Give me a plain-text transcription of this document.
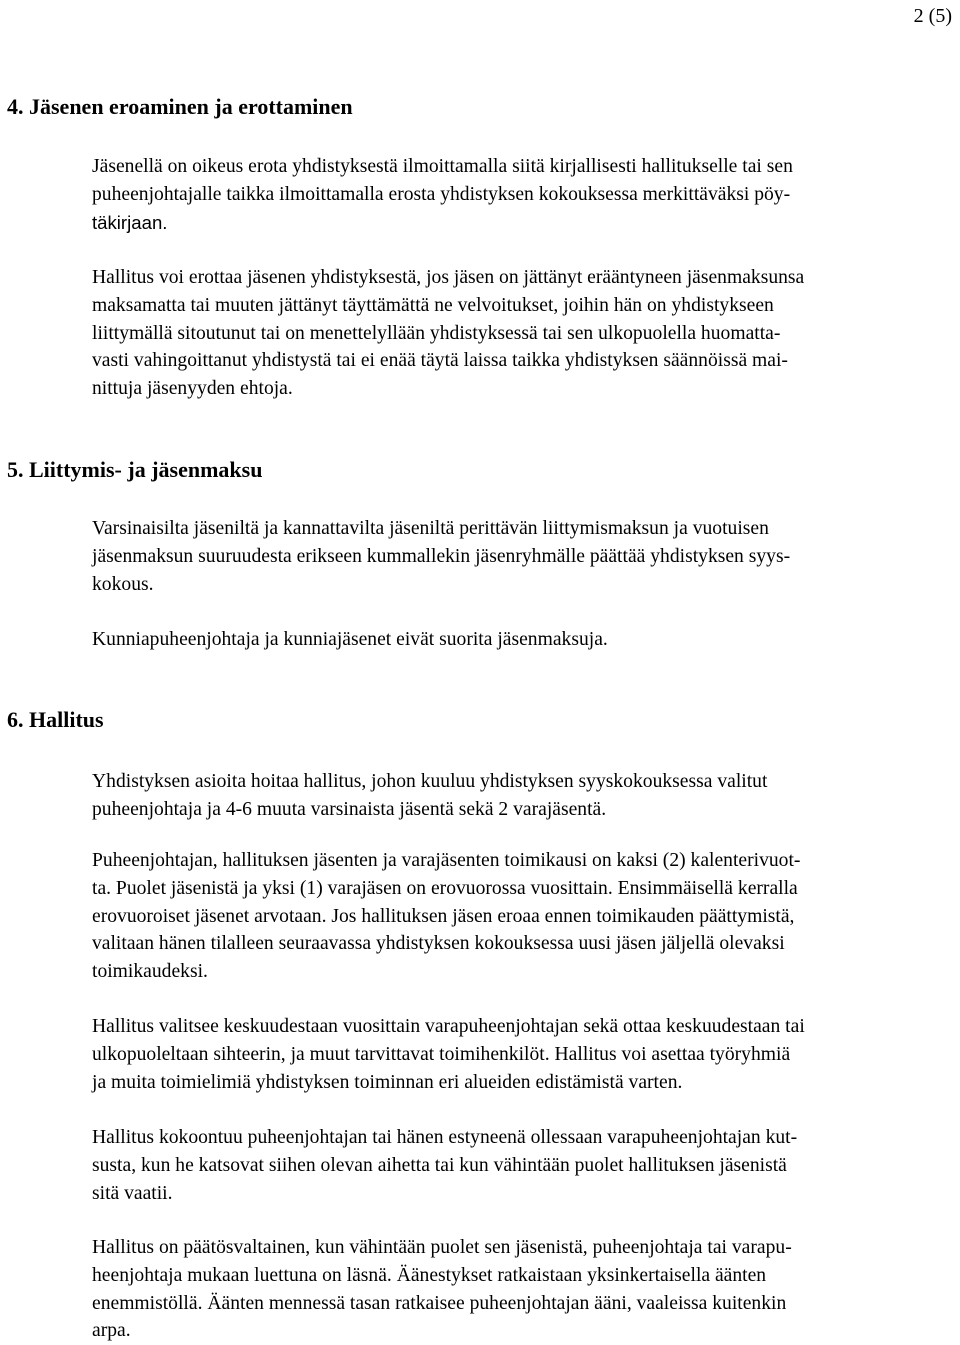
2 (5)
4. Jäsenen eroaminen ja erottaminen

Jäsenellä on oikeus erota yhdistyksestä ilmoittamalla siitä kirjallisesti hallitukselle tai sen
puheenjohtajalle taikka ilmoittamalla erosta yhdistyksen kokouksessa merkittäväksi pöy-
täkirjaan.

Hallitus voi erottaa jäsenen yhdistyksestä, jos jäsen on jättänyt erääntyneen jäsenmaksunsa
maksamatta tai muuten jättänyt täyttämättä ne velvoitukset, joihin hän on yhdistykseen
liittymällä sitoutunut tai on menettelyllään yhdistyksessä tai sen ulkopuolella huomatta-
vasti vahingoittanut yhdistystä tai ei enää täytä laissa taikka yhdistyksen säännöissä mai-
nittuja jäsenyyden ehtoja.

5. Liittymis- ja jäsenmaksu

Varsinaisilta jäseniltä ja kannattavilta jäseniltä perittävän liittymismaksun ja vuotuisen
jäsenmaksun suuruudesta erikseen kummallekin jäsenryhmälle päättää yhdistyksen syys-
kokous.

Kunniapuheenjohtaja ja kunniajäsenet eivät suorita jäsenmaksuja.

6. Hallitus

Yhdistyksen asioita hoitaa hallitus, johon kuuluu yhdistyksen syyskokouksessa valitut
puheenjohtaja ja 4-6 muuta varsinaista jäsentä sekä 2 varajäsentä.

Puheenjohtajan, hallituksen jäsenten ja varajäsenten toimikausi on kaksi (2) kalenterivuot-
ta. Puolet jäsenistä ja yksi (1) varajäsen on erovuorossa vuosittain. Ensimmäisellä kerralla
erovuoroiset jäsenet arvotaan. Jos hallituksen jäsen eroaa ennen toimikauden päättymistä,
valitaan hänen tilalleen seuraavassa yhdistyksen kokouksessa uusi jäsen jäljellä olevaksi
toimikaudeksi.

Hallitus valitsee keskuudestaan vuosittain varapuheenjohtajan sekä ottaa keskuudestaan tai
ulkopuoleltaan sihteerin, ja muut tarvittavat toimihenkilöt. Hallitus voi asettaa työryhmiä
ja muita toimielimiä yhdistyksen toiminnan eri alueiden edistämistä varten.

Hallitus kokoontuu puheenjohtajan tai hänen estyneenä ollessaan varapuheenjohtajan kut-
susta, kun he katsovat siihen olevan aihetta tai kun vähintään puolet hallituksen jäsenistä
sitä vaatii.

Hallitus on päätösvaltainen, kun vähintään puolet sen jäsenistä, puheenjohtaja tai varapu-
heenjohtaja mukaan luettuna on läsnä. Äänestykset ratkaistaan yksinkertaisella äänten
enemmistöllä. Äänten mennessä tasan ratkaisee puheenjohtajan ääni, vaaleissa kuitenkin
arpa.
